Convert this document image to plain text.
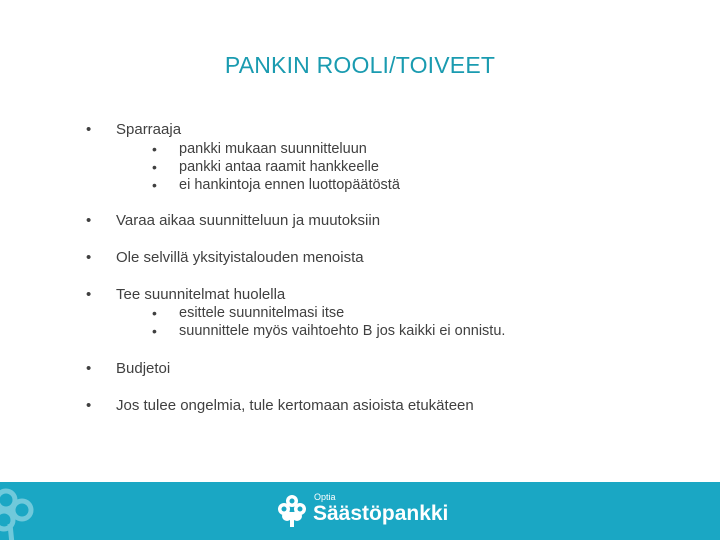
PANKIN ROOLI/TOIVEET
• Sparraaja
• pankki mukaan suunnitteluun
• pankki antaa raamit hankkeelle
• ei hankintoja ennen luottopäätöstä
• Varaa aikaa suunnitteluun ja muutoksiin
• Ole selvillä yksityistalouden menoista
• Tee suunnitelmat huolella
• esittele suunnitelmasi itse
• suunnittele myös vaihtoehto B jos kaikki ei onnistu.
• Budjetoi
• Jos tulee ongelmia, tule kertomaan asioista etukäteen
Optia
Säästöpankki
